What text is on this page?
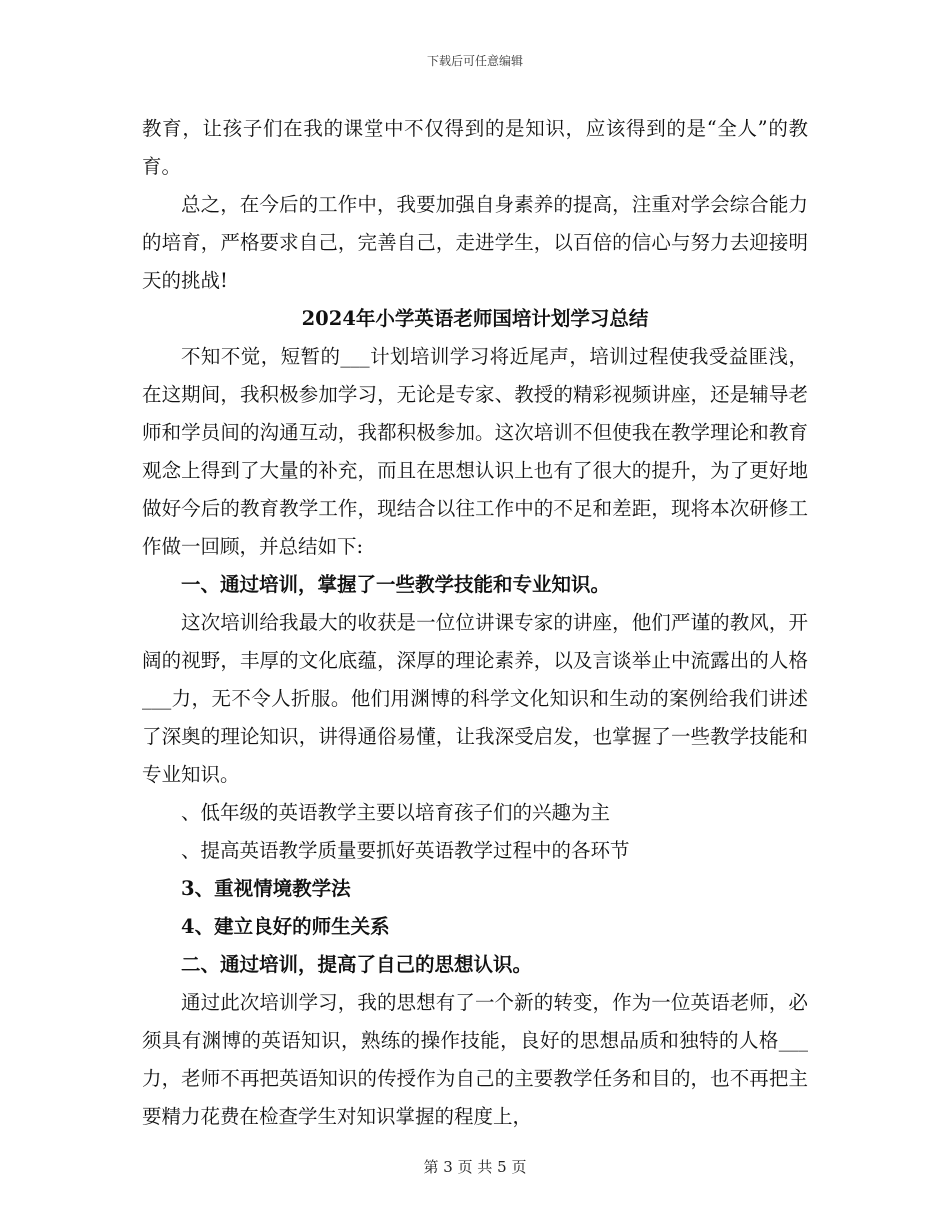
下载后可任意编辑

教育，让孩子们在我的课堂中不仅得到的是知识，应该得到的是“全人”的教育。

总之，在今后的工作中，我要加强自身素养的提高，注重对学会综合能力的培育，严格要求自己，完善自己，走进学生，以百倍的信心与努力去迎接明天的挑战!

2024年小学英语老师国培计划学习总结

不知不觉，短暂的___计划培训学习将近尾声，培训过程使我受益匪浅，在这期间，我积极参加学习，无论是专家、教授的精彩视频讲座，还是辅导老师和学员间的沟通互动，我都积极参加。这次培训不但使我在教学理论和教育观念上得到了大量的补充，而且在思想认识上也有了很大的提升，为了更好地做好今后的教育教学工作，现结合以往工作中的不足和差距，现将本次研修工作做一回顾，并总结如下:

一、通过培训，掌握了一些教学技能和专业知识。

这次培训给我最大的收获是一位位讲课专家的讲座，他们严谨的教风，开阔的视野，丰厚的文化底蕴，深厚的理论素养，以及言谈举止中流露出的人格___力，无不令人折服。他们用渊博的科学文化知识和生动的案例给我们讲述了深奥的理论知识，讲得通俗易懂，让我深受启发，也掌握了一些教学技能和专业知识。

、低年级的英语教学主要以培育孩子们的兴趣为主

、提高英语教学质量要抓好英语教学过程中的各环节

3、重视情境教学法

4、建立良好的师生关系

二、通过培训，提高了自己的思想认识。

通过此次培训学习，我的思想有了一个新的转变，作为一位英语老师，必须具有渊博的英语知识，熟练的操作技能，良好的思想品质和独特的人格___力，老师不再把英语知识的传授作为自己的主要教学任务和目的，也不再把主要精力花费在检查学生对知识掌握的程度上，

第 3 页 共 5 页
